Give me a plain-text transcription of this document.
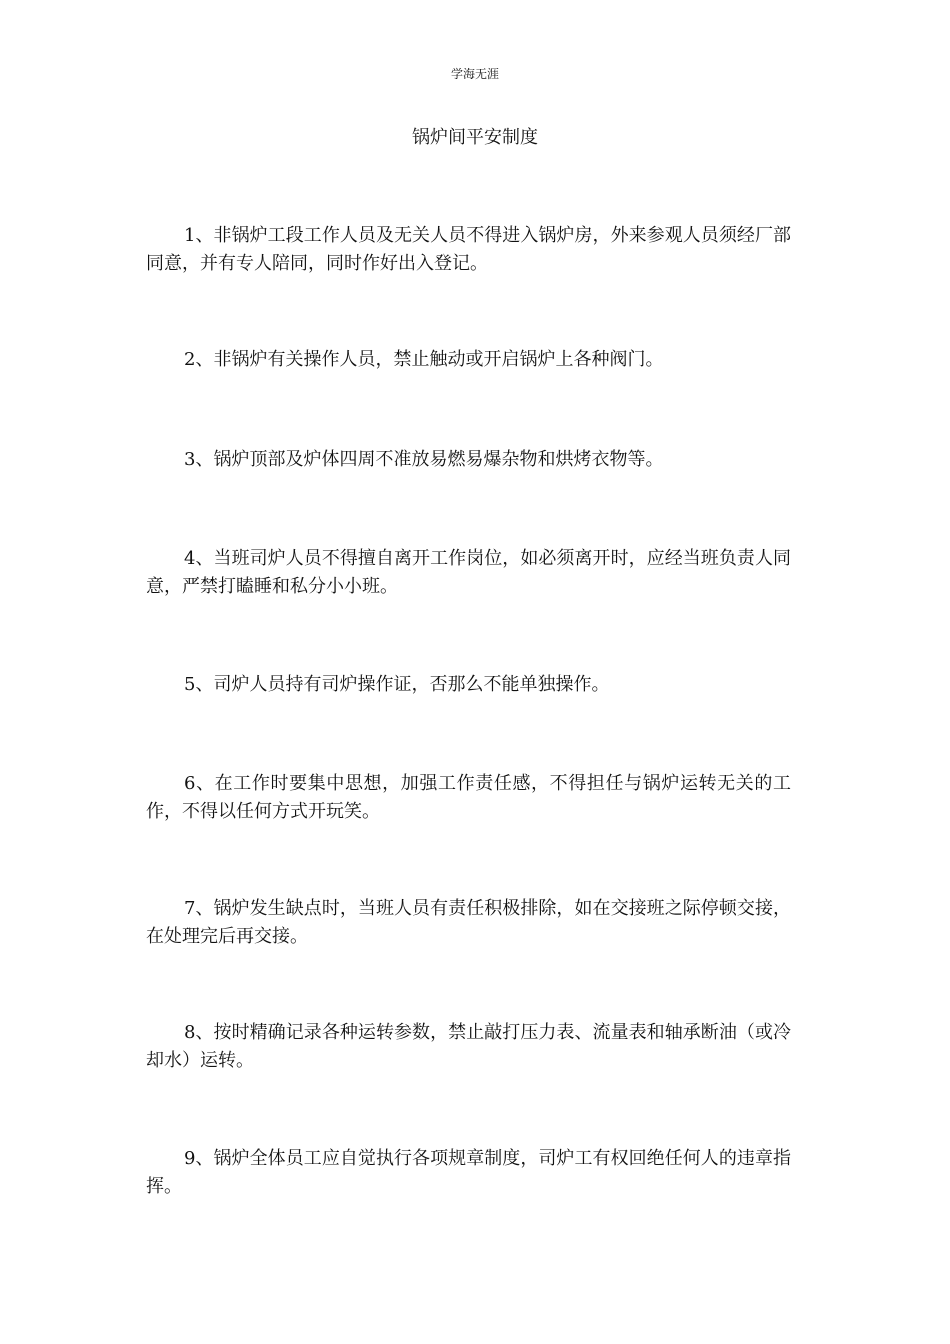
学海无涯
锅炉间平安制度

1、非锅炉工段工作人员及无关人员不得进入锅炉房，外来参观人员须经厂部同意，并有专人陪同，同时作好出入登记。

2、非锅炉有关操作人员，禁止触动或开启锅炉上各种阀门。

3、锅炉顶部及炉体四周不准放易燃易爆杂物和烘烤衣物等。

4、当班司炉人员不得擅自离开工作岗位，如必须离开时，应经当班负责人同意，严禁打瞌睡和私分小小班。

5、司炉人员持有司炉操作证，否那么不能单独操作。

6、在工作时要集中思想，加强工作责任感，不得担任与锅炉运转无关的工作，不得以任何方式开玩笑。

7、锅炉发生缺点时，当班人员有责任积极排除，如在交接班之际停顿交接，在处理完后再交接。

8、按时精确记录各种运转参数，禁止敲打压力表、流量表和轴承断油（或冷却水）运转。

9、锅炉全体员工应自觉执行各项规章制度，司炉工有权回绝任何人的违章指挥。
